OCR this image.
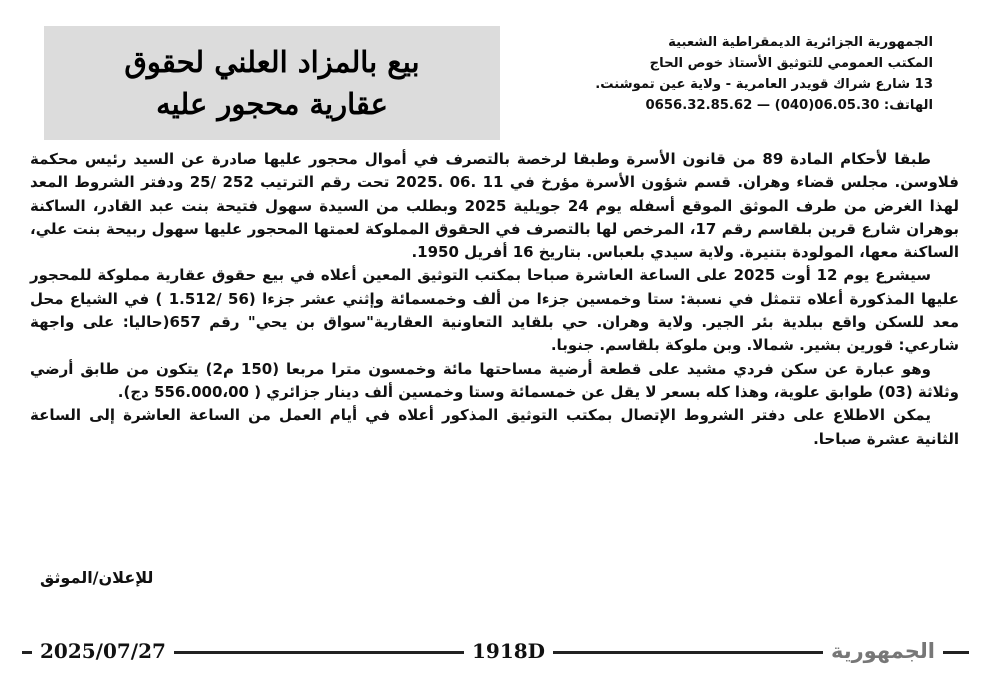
الجمهورية الجزائرية الديمقراطية الشعبية
المكتب العمومي للتوثيق الأستاذ خوص الحاج
13 شارع شراك قويدر العامرية - ولاية عين تموشنت.
الهاتف: 06.05.30(040) — 0656.32.85.62
بيع بالمزاد العلني لحقوق
عقارية محجور عليه

طبقا لأحكام المادة 89 من قانون الأسرة وطبقا لرخصة بالتصرف في أموال محجور عليها صادرة عن السيد رئيس محكمة فلاوسن. مجلس قضاء وهران. قسم شؤون الأسرة مؤرخ في 11 .06 .2025 تحت رقم الترتيب 252 /25 ودفتر الشروط المعد لهذا الغرض من طرف الموثق الموقع أسفله يوم 24 جويلية 2025 وبطلب من السيدة سهول فتيحة بنت عبد القادر، الساكنة بوهران شارع قرين بلقاسم رقم 17، المرخص لها بالتصرف في الحقوق المملوكة لعمتها المحجور عليها سهول ربيحة بنت علي، الساكنة معها، المولودة بتنيرة. ولاية سيدي بلعباس. بتاريخ 16 أفريل 1950.

سيشرع يوم 12 أوت 2025 على الساعة العاشرة صباحا بمكتب التوثيق المعين أعلاه في بيع حقوق عقارية مملوكة للمحجور عليها المذكورة أعلاه تتمثل في نسبة: ستا وخمسين جزءا من ألف وخمسمائة وإثني عشر جزءا (56 /1.512 ) في الشياع محل معد للسكن واقع ببلدية بئر الجير. ولاية وهران. حي بلقايد التعاونية العقارية"سواق بن يحي" رقم 657(حاليا: على واجهة شارعي: قورين بشير. شمالا. وبن ملوكة بلقاسم. جنوبا.

وهو عبارة عن سكن فردي مشيد على قطعة أرضية مساحتها مائة وخمسون مترا مربعا (150 م2) يتكون من طابق أرضي وثلاثة (03) طوابق علوية، وهذا كله بسعر لا يقل عن خمسمائة وستا وخمسين ألف دينار جزائري ( 556.000،00 دج).

يمكن الاطلاع على دفتر الشروط الإتصال بمكتب التوثيق المذكور أعلاه في أيام العمل من الساعة العاشرة إلى الساعة الثانية عشرة صباحا.

للإعلان/الموثق
2025/07/27	1918D	الجمهورية
